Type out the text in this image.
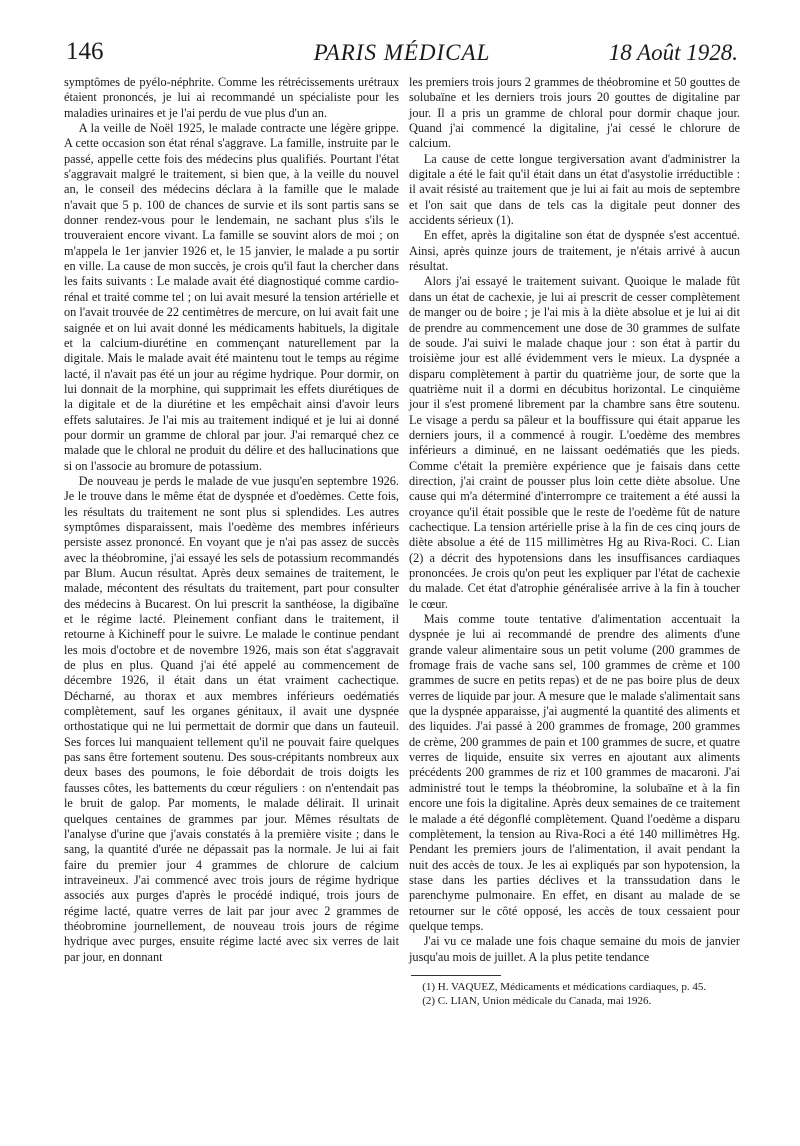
146	PARIS MÉDICAL	18 Août 1928.

symptômes de pyélo-néphrite. Comme les rétrécissements urétraux étaient prononcés, je lui ai recommandé un spécialiste pour les maladies urinaires et je l'ai perdu de vue plus d'un an.

A la veille de Noël 1925, le malade contracte une légère grippe. A cette occasion son état rénal s'aggrave. La famille, instruite par le passé, appelle cette fois des médecins plus qualifiés. Pourtant l'état s'aggravait malgré le traitement, si bien que, à la veille du nouvel an, le conseil des médecins déclara à la famille que le malade n'avait que 5 p. 100 de chances de survie et ils sont partis sans se donner rendez-vous pour le lendemain, ne sachant plus s'ils le trouveraient encore vivant. La famille se souvint alors de moi ; on m'appela le 1er janvier 1926 et, le 15 janvier, le malade a pu sortir en ville. La cause de mon succès, je crois qu'il faut la chercher dans les faits suivants : Le malade avait été diagnostiqué comme cardio-rénal et traité comme tel ; on lui avait mesuré la tension artérielle et on l'avait trouvée de 22 centimètres de mercure, on lui avait fait une saignée et on lui avait donné les médicaments habituels, la digitale et la calcium-diurétine en commençant naturellement par la digitale. Mais le malade avait été maintenu tout le temps au régime lacté, il n'avait pas été un jour au régime hydrique. Pour dormir, on lui donnait de la morphine, qui supprimait les effets diurétiques de la digitale et de la diurétine et les empêchait ainsi d'avoir leurs effets salutaires. Je l'ai mis au traitement indiqué et je lui ai donné pour dormir un gramme de chloral par jour. J'ai remarqué chez ce malade que le chloral ne produit du délire et des hallucinations que si on l'associe au bromure de potassium.

De nouveau je perds le malade de vue jusqu'en septembre 1926. Je le trouve dans le même état de dyspnée et d'oedèmes. Cette fois, les résultats du traitement ne sont plus si splendides. Les autres symptômes disparaissent, mais l'oedème des membres inférieurs persiste assez prononcé. En voyant que je n'ai pas assez de succès avec la théobromine, j'ai essayé les sels de potassium recommandés par Blum. Aucun résultat. Après deux semaines de traitement, le malade, mécontent des résultats du traitement, part pour consulter des médecins à Bucarest. On lui prescrit la santhéose, la digibaïne et le régime lacté. Pleinement confiant dans le traitement, il retourne à Kichineff pour le suivre. Le malade le continue pendant les mois d'octobre et de novembre 1926, mais son état s'aggravait de plus en plus. Quand j'ai été appelé au commencement de décembre 1926, il était dans un état vraiment cachectique. Décharné, au thorax et aux membres inférieurs oedématiés complètement, sauf les organes génitaux, il avait une dyspnée orthostatique qui ne lui permettait de dormir que dans un fauteuil. Ses forces lui manquaient tellement qu'il ne pouvait faire quelques pas sans être fortement soutenu. Des sous-crépitants nombreux aux deux bases des poumons, le foie débordait de trois doigts les fausses côtes, les battements du cœur réguliers : on n'entendait pas le bruit de galop. Par moments, le malade délirait. Il urinait quelques centaines de grammes par jour. Mêmes résultats de l'analyse d'urine que j'avais constatés à la première visite ; dans le sang, la quantité d'urée ne dépassait pas la normale. Je lui ai fait faire du premier jour 4 grammes de chlorure de calcium intraveineux. J'ai commencé avec trois jours de régime hydrique associés aux purges d'après le procédé indiqué, trois jours de régime lacté, quatre verres de lait par jour avec 2 grammes de théobromine journellement, de nouveau trois jours de régime hydrique avec purges, ensuite régime lacté avec six verres de lait par jour, en donnant

les premiers trois jours 2 grammes de théobromine et 50 gouttes de solubaïne et les derniers trois jours 20 gouttes de digitaline par jour. Il a pris un gramme de chloral pour dormir chaque jour. Quand j'ai commencé la digitaline, j'ai cessé le chlorure de calcium.

La cause de cette longue tergiversation avant d'administrer la digitale a été le fait qu'il était dans un état d'asystolie irréductible : il avait résisté au traitement que je lui ai fait au mois de septembre et l'on sait que dans de tels cas la digitale peut donner des accidents sérieux (1).

En effet, après la digitaline son état de dyspnée s'est accentué. Ainsi, après quinze jours de traitement, je n'étais arrivé à aucun résultat.

Alors j'ai essayé le traitement suivant. Quoique le malade fût dans un état de cachexie, je lui ai prescrit de cesser complètement de manger ou de boire ; je l'ai mis à la diète absolue et je lui ai dit de prendre au commencement une dose de 30 grammes de sulfate de soude. J'ai suivi le malade chaque jour : son état à partir du troisième jour est allé évidemment vers le mieux. La dyspnée a disparu complètement à partir du quatrième jour, de sorte que la quatrième nuit il a dormi en décubitus horizontal. Le cinquième jour il s'est promené librement par la chambre sans être soutenu. Le visage a perdu sa pâleur et la bouffissure qui était apparue les derniers jours, il a commencé à rougir. L'oedème des membres inférieurs a diminué, en ne laissant oedématiés que les pieds. Comme c'était la première expérience que je faisais dans cette direction, j'ai craint de pousser plus loin cette diète absolue. Une cause qui m'a déterminé d'interrompre ce traitement a été aussi la croyance qu'il était possible que le reste de l'oedème fût de nature cachectique. La tension artérielle prise à la fin de ces cinq jours de diète absolue a été de 115 millimètres Hg au Riva-Roci. C. Lian (2) a décrit des hypotensions dans les insuffisances cardiaques prononcées. Je crois qu'on peut les expliquer par l'état de cachexie du malade. Cet état d'atrophie généralisée arrive à la fin à toucher le cœur.

Mais comme toute tentative d'alimentation accentuait la dyspnée je lui ai recommandé de prendre des aliments d'une grande valeur alimentaire sous un petit volume (200 grammes de fromage frais de vache sans sel, 100 grammes de crème et 100 grammes de sucre en petits repas) et de ne pas boire plus de deux verres de liquide par jour. A mesure que le malade s'alimentait sans que la dyspnée apparaisse, j'ai augmenté la quantité des aliments et des liquides. J'ai passé à 200 grammes de fromage, 200 grammes de crème, 200 grammes de pain et 100 grammes de sucre, et quatre verres de liquide, ensuite six verres en ajoutant aux aliments précédents 200 grammes de riz et 100 grammes de macaroni. J'ai administré tout le temps la théobromine, la solubaïne et à la fin encore une fois la digitaline. Après deux semaines de ce traitement le malade a été dégonflé complètement. Quand l'oedème a disparu complètement, la tension au Riva-Roci a été 140 millimètres Hg. Pendant les premiers jours de l'alimentation, il avait pendant la nuit des accès de toux. Je les ai expliqués par son hypotension, la stase dans les parties déclives et la transsudation dans le parenchyme pulmonaire. En effet, en disant au malade de se retourner sur le côté opposé, les accès de toux cessaient pour quelque temps.

J'ai vu ce malade une fois chaque semaine du mois de janvier jusqu'au mois de juillet. A la plus petite tendance

(1) H. VAQUEZ, Médicaments et médications cardiaques, p. 45.

(2) C. LIAN, Union médicale du Canada, mai 1926.
